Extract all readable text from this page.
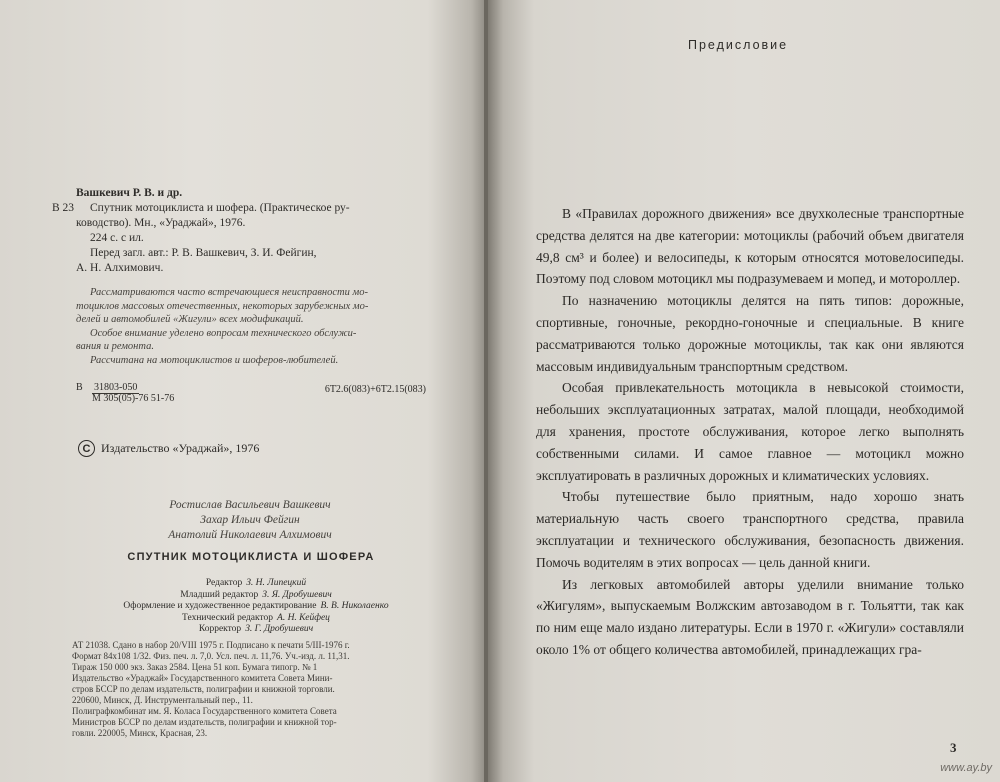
Вашкевич Р. В. и др.
В 23	Спутник мотоциклиста и шофера. (Практическое ру-
ководство). Мн., «Ураджай», 1976.
224 с. с ил.
Перед загл. авт.: Р. В. Вашкевич, З. И. Фейгин,
А. Н. Алхимович.

Рассматриваются часто встречающиеся неисправности мо-

тоциклов массовых отечественных, некоторых зарубежных мо-

делей и автомобилей «Жигули» всех модификаций.

Особое внимание уделено вопросам технического обслужи-

вания и ремонта.

Рассчитана на мотоциклистов и шоферов-любителей.

В 31803-050
М 305(05)-76 51-76
6Т2.6(083)+6Т2.15(083)
C Издательство «Ураджай», 1976
Ростислав Васильевич Вашкевич
Захар Ильич Фейгин
Анатолий Николаевич Алхимович
СПУТНИК МОТОЦИКЛИСТА И ШОФЕРА
Редактор З. Н. Липецкий
Младший редактор З. Я. Дробушевич
Оформление и художественное редактирование В. В. Николаенко
Технический редактор А. Н. Кейфец
Корректор З. Г. Дробушевич

АТ 21038. Сдано в набор 20/VIII 1975 г. Подписано к печати 5/III-1976 г.

Формат 84x108 1/32. Физ. печ. л. 7,0. Усл. печ. л. 11,76. Уч.-изд. л. 11,31.

Тираж 150 000 экз. Заказ 2584. Цена 51 коп. Бумага типогр. № 1

Издательство «Ураджай» Государственного комитета Совета Мини-

стров БССР по делам издательств, полиграфии и книжной торговли.

220600, Минск, Д. Инструментальный пер., 11.

Полиграфкомбинат им. Я. Коласа Государственного комитета Совета

Министров БССР по делам издательств, полиграфии и книжной тор-

говли. 220005, Минск, Красная, 23.

Предисловие

В «Правилах дорожного движения» все двухколесные транспортные средства делятся на две категории: мотоциклы (рабочий объем двигателя 49,8 см³ и более) и велосипеды, к которым относятся мотовелосипеды. Поэтому под словом мотоцикл мы подразумеваем и мопед, и мотороллер.

По назначению мотоциклы делятся на пять типов: дорожные, спортивные, гоночные, рекордно-гоночные и специальные. В книге рассматриваются только дорожные мотоциклы, так как они являются массовым индивидуальным транспортным средством.

Особая привлекательность мотоцикла в невысокой стоимости, небольших эксплуатационных затратах, малой площади, необходимой для хранения, простоте обслуживания, которое легко выполнять собственными силами. И самое главное — мотоцикл можно эксплуатировать в различных дорожных и климатических условиях.

Чтобы путешествие было приятным, надо хорошо знать материальную часть своего транспортного средства, правила эксплуатации и технического обслуживания, безопасность движения. Помочь водителям в этих вопросах — цель данной книги.

Из легковых автомобилей авторы уделили внимание только «Жигулям», выпускаемым Волжским автозаводом в г. Тольятти, так как по ним еще мало издано литературы. Если в 1970 г. «Жигули» составляли около 1% от общего количества автомобилей, принадлежащих гра-

3
www.ay.by
